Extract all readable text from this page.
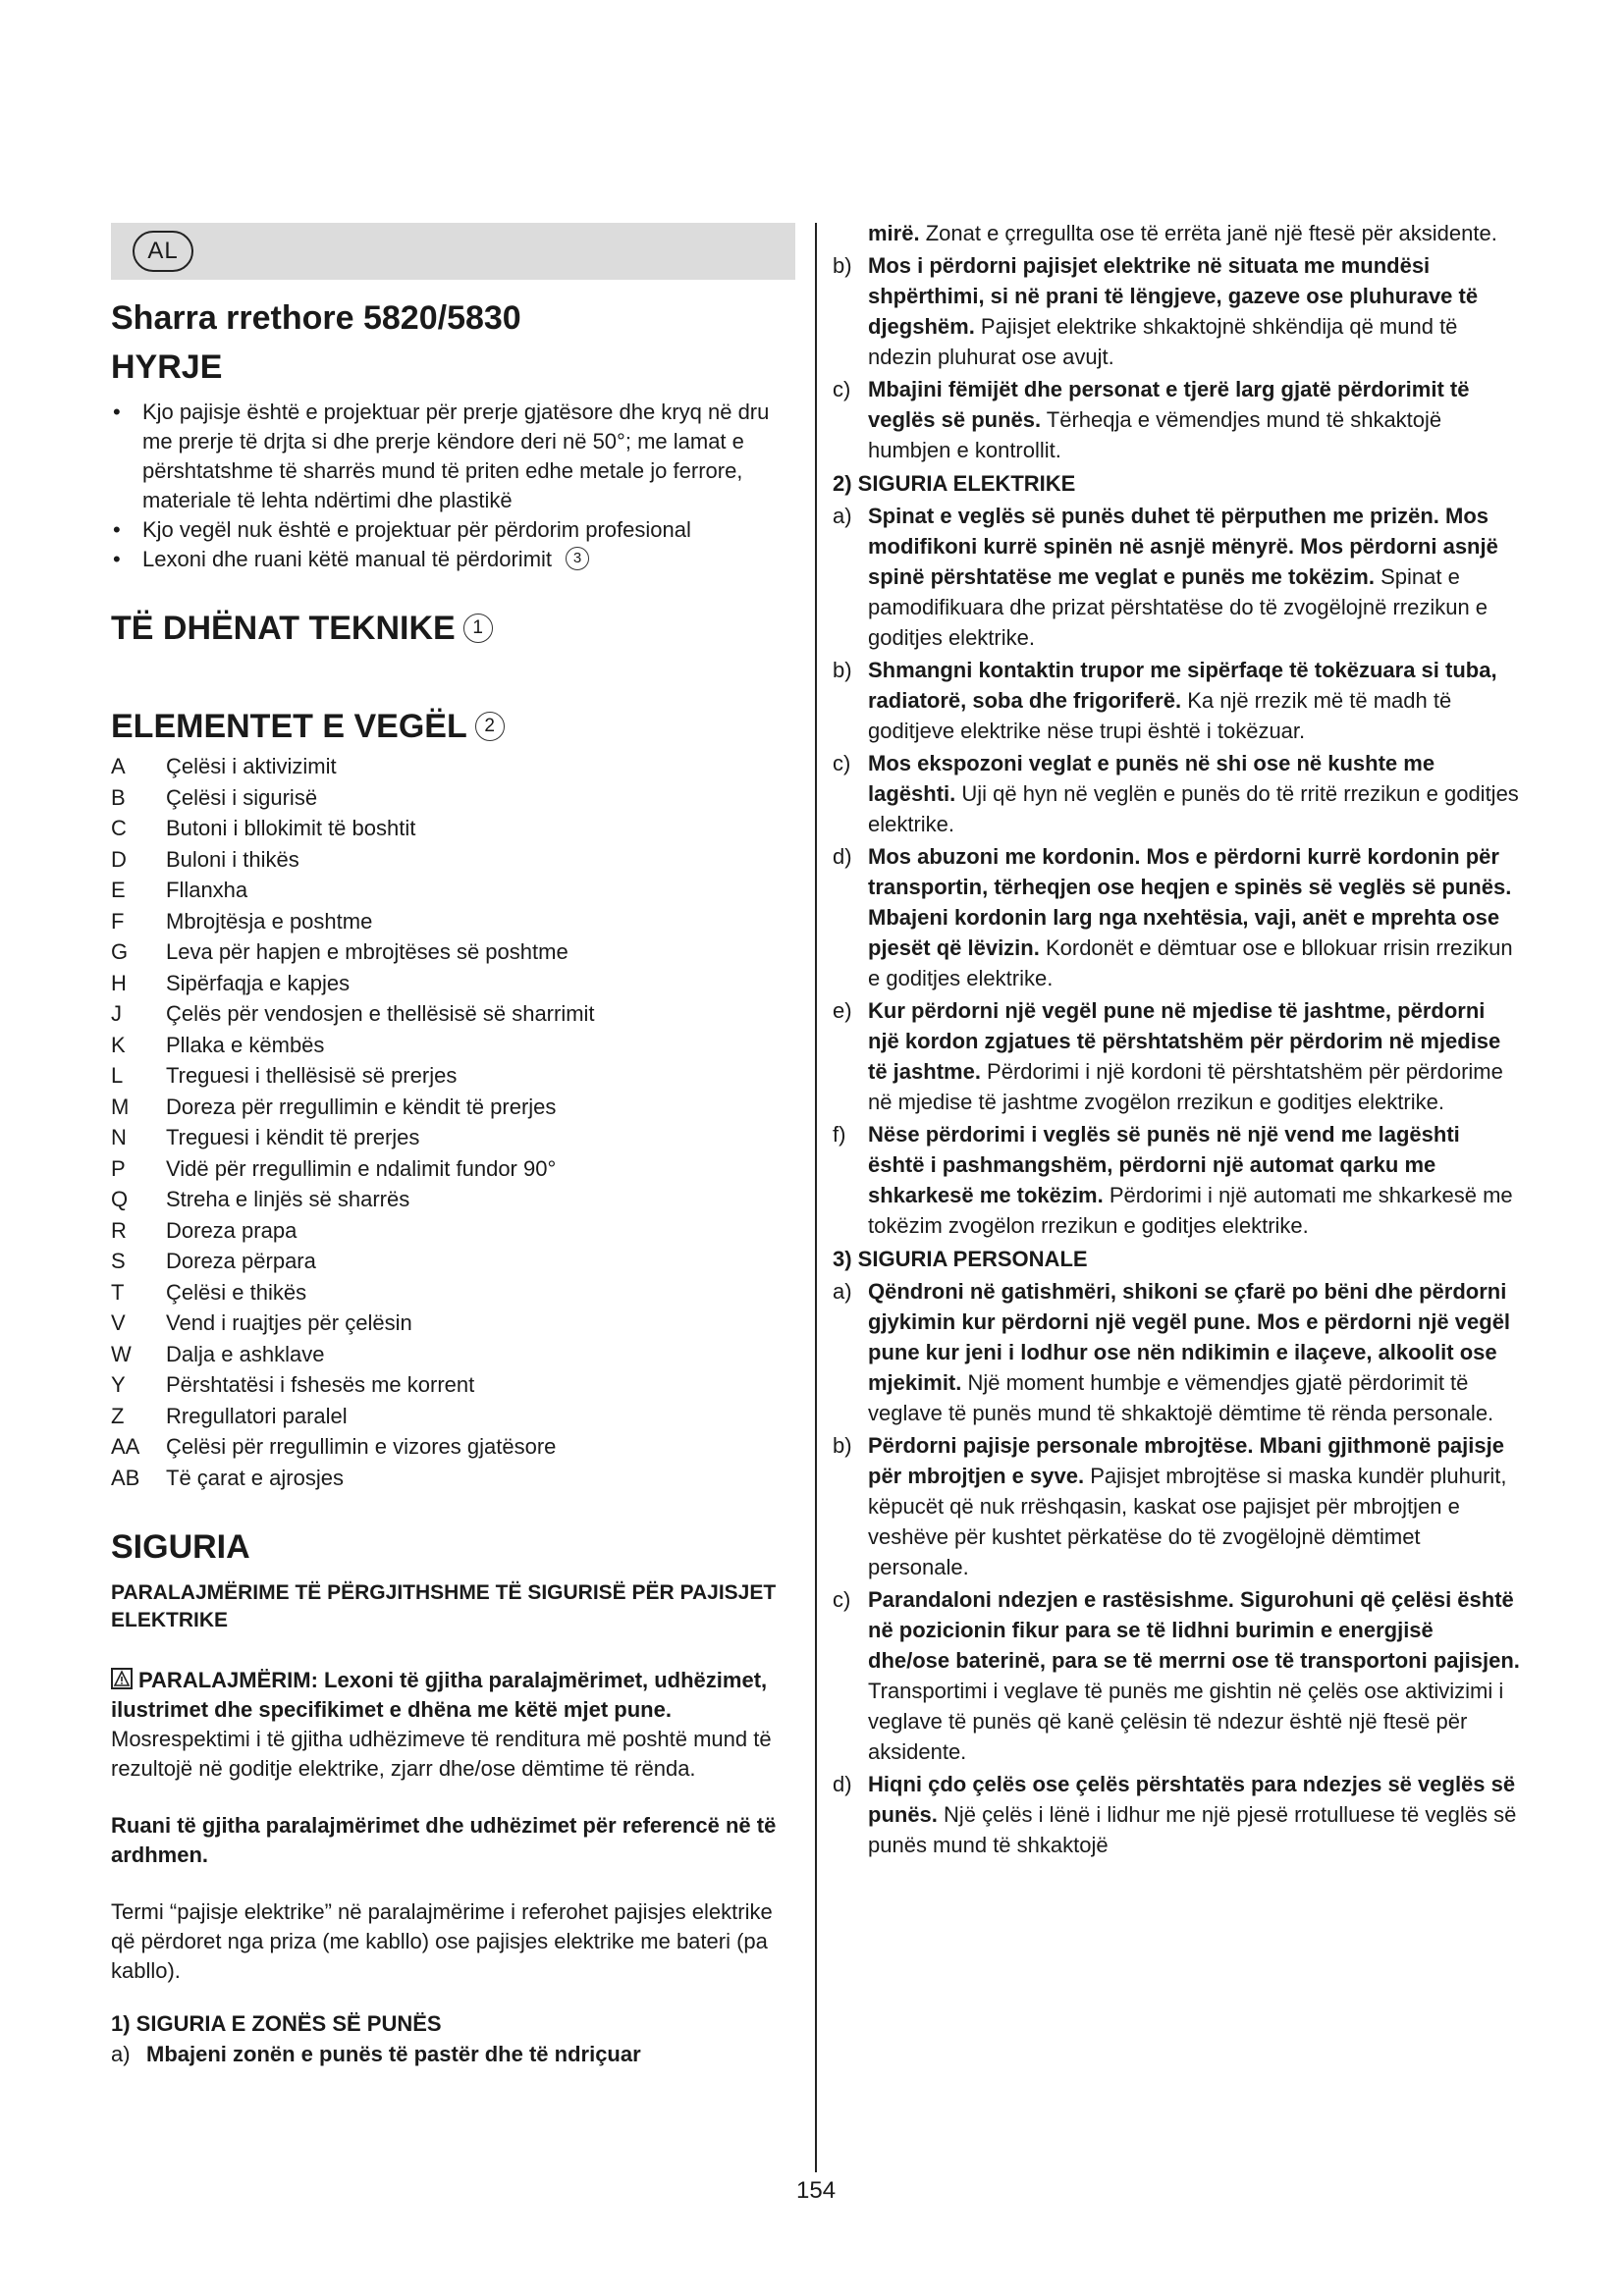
AL
Sharra rrethore 5820/5830
HYRJE
• Kjo pajisje është e projektuar për prerje gjatësore dhe kryq në dru me prerje të drjta si dhe prerje këndore deri në 50°; me lamat e përshtatshme të sharrës mund të priten edhe metale jo ferrore, materiale të lehta ndërtimi dhe plastikë
• Kjo vegël nuk është e projektuar për përdorim profesional
• Lexoni dhe ruani këtë manual të përdorimit 3
TË DHËNAT TEKNIKE 1
ELEMENTET E VEGËL 2
A	Çelësi i aktivizimit
B	Çelësi i sigurisë
C	Butoni i bllokimit të boshtit
D	Buloni i thikës
E	Fllanxha
F	Mbrojtësja e poshtme
G	Leva për hapjen e mbrojtëses së poshtme
H	Sipërfaqja e kapjes
J	Çelës për vendosjen e thellësisë së sharrimit
K	Pllaka e këmbës
L	Treguesi i thellësisë së prerjes
M	Doreza për rregullimin e këndit të prerjes
N	Treguesi i këndit të prerjes
P	Vidë për rregullimin e ndalimit fundor 90°
Q	Streha e linjës së sharrës
R	Doreza prapa
S	Doreza përpara
T	Çelësi e thikës
V	Vend i ruajtjes për çelësin
W	Dalja e ashklave
Y	Përshtatësi i fshesës me korrent
Z	Rregullatori paralel
AA	Çelësi për rregullimin e vizores gjatësore
AB	Të çarat e ajrosjes
SIGURIA
PARALAJMËRIME TË PËRGJITHSHME TË SIGURISË PËR PAJISJET ELEKTRIKE

PARALAJMËRIM: Lexoni të gjitha paralajmërimet, udhëzimet, ilustrimet dhe specifikimet e dhëna me këtë mjet pune. Mosrespektimi i të gjitha udhëzimeve të renditura më poshtë mund të rezultojë në goditje elektrike, zjarr dhe/ose dëmtime të rënda.

Ruani të gjitha paralajmërimet dhe udhëzimet për referencë në të ardhmen.

Termi “pajisje elektrike” në paralajmërime i referohet pajisjes elektrike që përdoret nga priza (me kabllo) ose pajisjes elektrike me bateri (pa kabllo).

1) SIGURIA E ZONËS SË PUNËS
a) Mbajeni zonën e punës të pastër dhe të ndriçuar
mirë. Zonat e çrregullta ose të errëta janë një ftesë për aksidente.
b) Mos i përdorni pajisjet elektrike në situata me mundësi shpërthimi, si në prani të lëngjeve, gazeve ose pluhurave të djegshëm. Pajisjet elektrike shkaktojnë shkëndija që mund të ndezin pluhurat ose avujt.
c) Mbajini fëmijët dhe personat e tjerë larg gjatë përdorimit të veglës së punës. Tërheqja e vëmendjes mund të shkaktojë humbjen e kontrollit.
2) SIGURIA ELEKTRIKE
a) Spinat e veglës së punës duhet të përputhen me prizën. Mos modifikoni kurrë spinën në asnjë mënyrë. Mos përdorni asnjë spinë përshtatëse me veglat e punës me tokëzim. Spinat e pamodifikuara dhe prizat përshtatëse do të zvogëlojnë rrezikun e goditjes elektrike.
b) Shmangni kontaktin trupor me sipërfaqe të tokëzuara si tuba, radiatorë, soba dhe frigoriferë. Ka një rrezik më të madh të goditjeve elektrike nëse trupi është i tokëzuar.
c) Mos ekspozoni veglat e punës në shi ose në kushte me lagështi. Uji që hyn në veglën e punës do të rritë rrezikun e goditjes elektrike.
d) Mos abuzoni me kordonin. Mos e përdorni kurrë kordonin për transportin, tërheqjen ose heqjen e spinës së veglës së punës. Mbajeni kordonin larg nga nxehtësia, vaji, anët e mprehta ose pjesët që lëvizin. Kordonët e dëmtuar ose e bllokuar rrisin rrezikun e goditjes elektrike.
e) Kur përdorni një vegël pune në mjedise të jashtme, përdorni një kordon zgjatues të përshtatshëm për përdorim në mjedise të jashtme. Përdorimi i një kordoni të përshtatshëm për përdorime në mjedise të jashtme zvogëlon rrezikun e goditjes elektrike.
f)	Nëse përdorimi i veglës së punës në një vend me lagështi është i pashmangshëm, përdorni një automat qarku me shkarkesë me tokëzim. Përdorimi i një automati me shkarkesë me tokëzim zvogëlon rrezikun e goditjes elektrike.
3) SIGURIA PERSONALE
a) Qëndroni në gatishmëri, shikoni se çfarë po bëni dhe përdorni gjykimin kur përdorni një vegël pune. Mos e përdorni një vegël pune kur jeni i lodhur ose nën ndikimin e ilaçeve, alkoolit ose mjekimit. Një moment humbje e vëmendjes gjatë përdorimit të veglave të punës mund të shkaktojë dëmtime të rënda personale.
b) Përdorni pajisje personale mbrojtëse. Mbani gjithmonë pajisje për mbrojtjen e syve. Pajisjet mbrojtëse si maska kundër pluhurit, këpucët që nuk rrëshqasin, kaskat ose pajisjet për mbrojtjen e veshëve për kushtet përkatëse do të zvogëlojnë dëmtimet personale.
c) Parandaloni ndezjen e rastësishme. Sigurohuni që çelësi është në pozicionin fikur para se të lidhni burimin e energjisë dhe/ose baterinë, para se të merrni ose të transportoni pajisjen. Transportimi i veglave të punës me gishtin në çelës ose aktivizimi i veglave të punës që kanë çelësin të ndezur është një ftesë për aksidente.
d) Hiqni çdo çelës ose çelës përshtatës para ndezjes së veglës së punës. Një çelës i lënë i lidhur me një pjesë rrotulluese të veglës së punës mund të shkaktojë
154
